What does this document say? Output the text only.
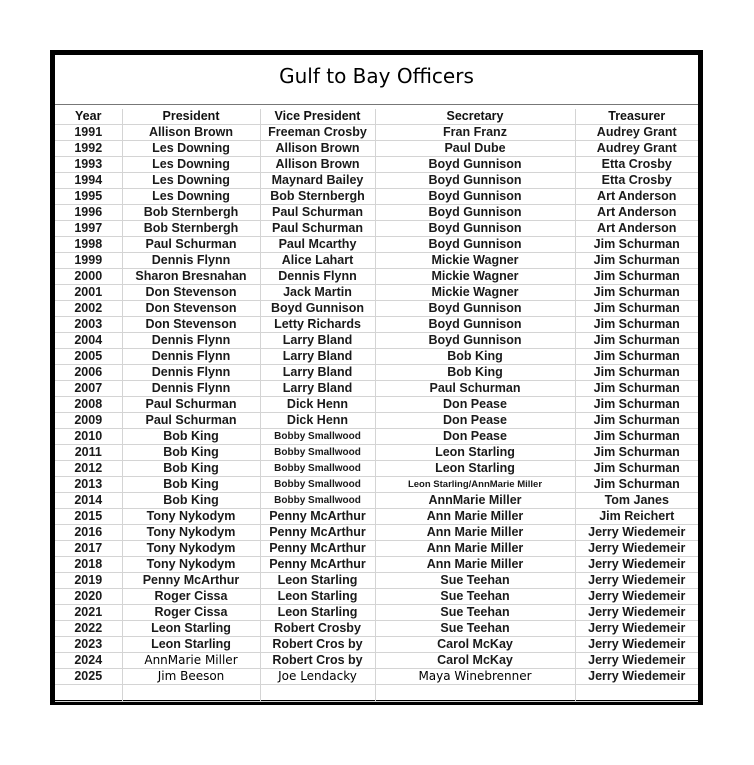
Gulf to Bay Officers
Year	President	Vice President	Secretary	Treasurer
1991	Allison Brown	Freeman Crosby	Fran Franz	Audrey Grant
1992	Les Downing	Allison Brown	Paul Dube	Audrey Grant
1993	Les Downing	Allison Brown	Boyd Gunnison	Etta Crosby
1994	Les Downing	Maynard Bailey	Boyd Gunnison	Etta Crosby
1995	Les Downing	Bob Sternbergh	Boyd Gunnison	Art Anderson
1996	Bob Sternbergh	Paul Schurman	Boyd Gunnison	Art Anderson
1997	Bob Sternbergh	Paul Schurman	Boyd Gunnison	Art Anderson
1998	Paul Schurman	Paul Mcarthy	Boyd Gunnison	Jim Schurman
1999	Dennis Flynn	Alice Lahart	Mickie Wagner	Jim Schurman
2000	Sharon Bresnahan	Dennis Flynn	Mickie Wagner	Jim Schurman
2001	Don Stevenson	Jack Martin	Mickie Wagner	Jim Schurman
2002	Don Stevenson	Boyd Gunnison	Boyd Gunnison	Jim Schurman
2003	Don Stevenson	Letty Richards	Boyd Gunnison	Jim Schurman
2004	Dennis Flynn	Larry Bland	Boyd Gunnison	Jim Schurman
2005	Dennis Flynn	Larry Bland	Bob King	Jim Schurman
2006	Dennis Flynn	Larry Bland	Bob King	Jim Schurman
2007	Dennis Flynn	Larry Bland	Paul Schurman	Jim Schurman
2008	Paul Schurman	Dick Henn	Don Pease	Jim Schurman
2009	Paul Schurman	Dick Henn	Don Pease	Jim Schurman
2010	Bob King	Bobby Smallwood	Don Pease	Jim Schurman
2011	Bob King	Bobby Smallwood	Leon Starling	Jim Schurman
2012	Bob King	Bobby Smallwood	Leon Starling	Jim Schurman
2013	Bob King	Bobby Smallwood	Leon Starling/AnnMarie Miller	Jim Schurman
2014	Bob King	Bobby Smallwood	AnnMarie Miller	Tom Janes
2015	Tony Nykodym	Penny McArthur	Ann Marie Miller	Jim Reichert
2016	Tony Nykodym	Penny McArthur	Ann Marie Miller	Jerry Wiedemeir
2017	Tony Nykodym	Penny McArthur	Ann Marie Miller	Jerry Wiedemeir
2018	Tony Nykodym	Penny McArthur	Ann Marie Miller	Jerry Wiedemeir
2019	Penny McArthur	Leon Starling	Sue Teehan	Jerry Wiedemeir
2020	Roger Cissa	Leon Starling	Sue Teehan	Jerry Wiedemeir
2021	Roger Cissa	Leon Starling	Sue Teehan	Jerry Wiedemeir
2022	Leon Starling	Robert Crosby	Sue Teehan	Jerry Wiedemeir
2023	Leon Starling	Robert Cros by	Carol McKay	Jerry Wiedemeir
2024	AnnMarie Miller	Robert Cros by	Carol McKay	Jerry Wiedemeir
2025	Jim Beeson	Joe Lendacky	Maya Winebrenner	Jerry Wiedemeir
